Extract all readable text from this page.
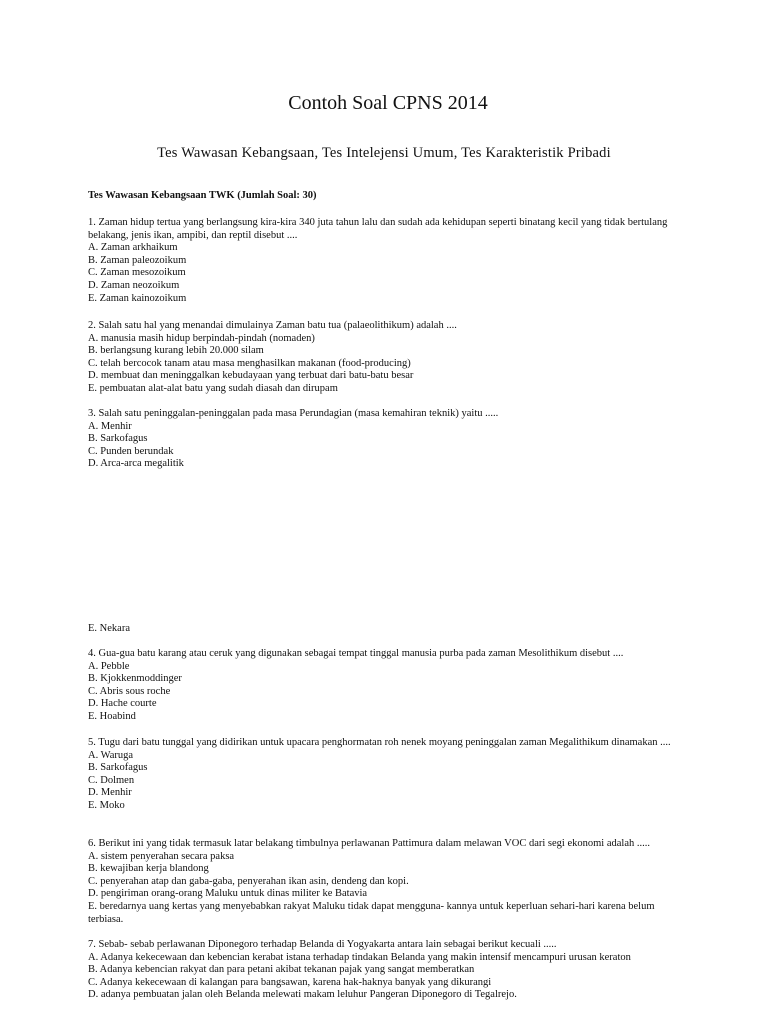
Contoh Soal CPNS 2014
Tes Wawasan Kebangsaan, Tes Intelejensi Umum, Tes Karakteristik Pribadi
Tes Wawasan Kebangsaan TWK (Jumlah Soal: 30)
1. Zaman hidup tertua yang berlangsung kira-kira 340 juta tahun lalu dan sudah ada kehidupan seperti binatang kecil yang tidak bertulang belakang, jenis ikan, ampibi, dan reptil disebut ....
A. Zaman arkhaikum
B. Zaman paleozoikum
C. Zaman mesozoikum
D. Zaman neozoikum
E. Zaman kainozoikum
2. Salah satu hal yang menandai dimulainya Zaman batu tua (palaeolithikum) adalah ....
A. manusia masih hidup berpindah-pindah (nomaden)
B. berlangsung kurang lebih 20.000 silam
C. telah bercocok tanam atau masa menghasilkan makanan (food-producing)
D. membuat dan meninggalkan kebudayaan yang terbuat dari batu-batu besar
E. pembuatan alat-alat batu yang sudah diasah dan dirupam
3. Salah satu peninggalan-peninggalan pada masa Perundagian (masa kemahiran teknik) yaitu .....
A. Menhir
B. Sarkofagus
C. Punden berundak
D. Arca-arca megalitik
E. Nekara
4. Gua-gua batu karang atau ceruk yang digunakan sebagai tempat tinggal manusia purba pada zaman Mesolithikum disebut ....
A. Pebble
B. Kjokkenmoddinger
C. Abris sous roche
D. Hache courte
E. Hoabind
5. Tugu dari batu tunggal yang didirikan untuk upacara penghormatan roh nenek moyang peninggalan zaman Megalithikum dinamakan ....
A. Waruga
B. Sarkofagus
C. Dolmen
D. Menhir
E. Moko
6. Berikut ini yang tidak termasuk latar belakang timbulnya perlawanan Pattimura dalam melawan VOC dari segi ekonomi adalah .....
A. sistem penyerahan secara paksa
B. kewajiban kerja blandong
C. penyerahan atap dan gaba-gaba, penyerahan ikan asin, dendeng dan kopi.
D. pengiriman orang-orang Maluku untuk dinas militer ke Batavia
E. beredarnya uang kertas yang menyebabkan rakyat Maluku tidak dapat mengguna- kannya untuk keperluan sehari-hari karena belum terbiasa.
7. Sebab- sebab perlawanan Diponegoro terhadap Belanda di Yogyakarta antara lain sebagai berikut kecuali .....
A. Adanya kekecewaan dan kebencian kerabat istana terhadap tindakan Belanda yang makin intensif mencampuri urusan keraton
B. Adanya kebencian rakyat dan para petani akibat tekanan pajak yang sangat memberatkan
C. Adanya kekecewaan di kalangan para bangsawan, karena hak-haknya banyak yang dikurangi
D. adanya pembuatan jalan oleh Belanda melewati makam leluhur Pangeran Diponegoro di Tegalrejo.
